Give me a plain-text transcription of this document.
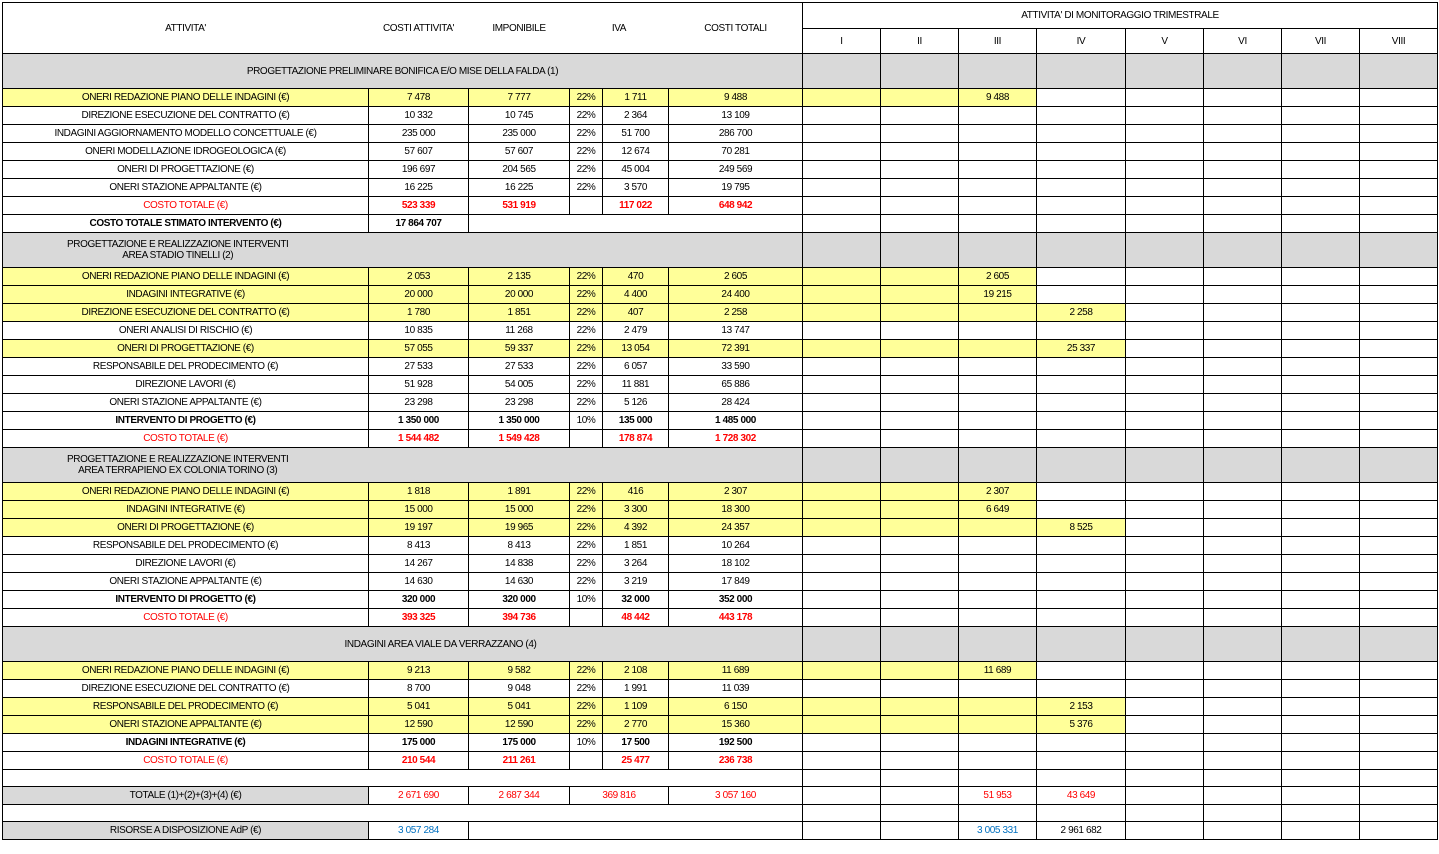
ATTIVITA'	COSTI ATTIVITA'	IMPONIBILE	IVA		COSTI TOTALI	ATTIVITA' DI MONITORAGGIO TRIMESTRALE							
						I	II	III	IV	V	VI	VII	VIII
PROGETTAZIONE PRELIMINARE BONIFICA E/O MISE DELLA FALDA (1)													
ONERI REDAZIONE PIANO DELLE INDAGINI (€)	7 478	7 777	22%	1 711	9 488			9 488					
DIREZIONE ESECUZIONE DEL CONTRATTO (€)	10 332	10 745	22%	2 364	13 109								
INDAGINI AGGIORNAMENTO MODELLO CONCETTUALE (€)	235 000	235 000	22%	51 700	286 700								
ONERI MODELLAZIONE IDROGEOLOGICA (€)	57 607	57 607	22%	12 674	70 281								
ONERI DI PROGETTAZIONE (€)	196 697	204 565	22%	45 004	249 569								
ONERI STAZIONE APPALTANTE (€)	16 225	16 225	22%	3 570	19 795								
COSTO TOTALE (€)	523 339	531 919		117 022	648 942								
COSTO TOTALE STIMATO INTERVENTO (€)	17 864 707												
PROGETTAZIONE E REALIZZAZIONE INTERVENTI
AREA STADIO TINELLI (2)													
ONERI REDAZIONE PIANO DELLE INDAGINI (€)	2 053	2 135	22%	470	2 605			2 605					
INDAGINI INTEGRATIVE (€)	20 000	20 000	22%	4 400	24 400			19 215					
DIREZIONE ESECUZIONE DEL CONTRATTO (€)	1 780	1 851	22%	407	2 258				2 258				
ONERI ANALISI DI RISCHIO (€)	10 835	11 268	22%	2 479	13 747								
ONERI DI PROGETTAZIONE (€)	57 055	59 337	22%	13 054	72 391				25 337				
RESPONSABILE DEL PRODECIMENTO (€)	27 533	27 533	22%	6 057	33 590								
DIREZIONE LAVORI (€)	51 928	54 005	22%	11 881	65 886								
ONERI STAZIONE APPALTANTE (€)	23 298	23 298	22%	5 126	28 424								
INTERVENTO DI PROGETTO (€)	1 350 000	1 350 000	10%	135 000	1 485 000								
COSTO TOTALE (€)	1 544 482	1 549 428		178 874	1 728 302								
PROGETTAZIONE E REALIZZAZIONE INTERVENTI
AREA TERRAPIENO EX COLONIA TORINO (3)													
ONERI REDAZIONE PIANO DELLE INDAGINI (€)	1 818	1 891	22%	416	2 307			2 307					
INDAGINI INTEGRATIVE (€)	15 000	15 000	22%	3 300	18 300			6 649					
ONERI DI PROGETTAZIONE (€)	19 197	19 965	22%	4 392	24 357				8 525				
RESPONSABILE DEL PRODECIMENTO (€)	8 413	8 413	22%	1 851	10 264								
DIREZIONE LAVORI (€)	14 267	14 838	22%	3 264	18 102								
ONERI STAZIONE APPALTANTE (€)	14 630	14 630	22%	3 219	17 849								
INTERVENTO DI PROGETTO (€)	320 000	320 000	10%	32 000	352 000								
COSTO TOTALE (€)	393 325	394 736		48 442	443 178								
INDAGINI AREA VIALE DA VERRAZZANO (4)													
ONERI REDAZIONE PIANO DELLE INDAGINI (€)	9 213	9 582	22%	2 108	11 689			11 689					
DIREZIONE ESECUZIONE DEL CONTRATTO (€)	8 700	9 048	22%	1 991	11 039								
RESPONSABILE DEL PRODECIMENTO (€)	5 041	5 041	22%	1 109	6 150				2 153				
ONERI STAZIONE APPALTANTE (€)	12 590	12 590	22%	2 770	15 360				5 376				
INDAGINI INTEGRATIVE (€)	175 000	175 000	10%	17 500	192 500								
COSTO TOTALE (€)	210 544	211 261		25 477	236 738								

TOTALE (1)+(2)+(3)+(4) (€)	2 671 690	2 687 344	369 816		3 057 160			51 953	43 649				

RISORSE A DISPOSIZIONE AdP (€)	3 057 284							3 005 331	2 961 682				
